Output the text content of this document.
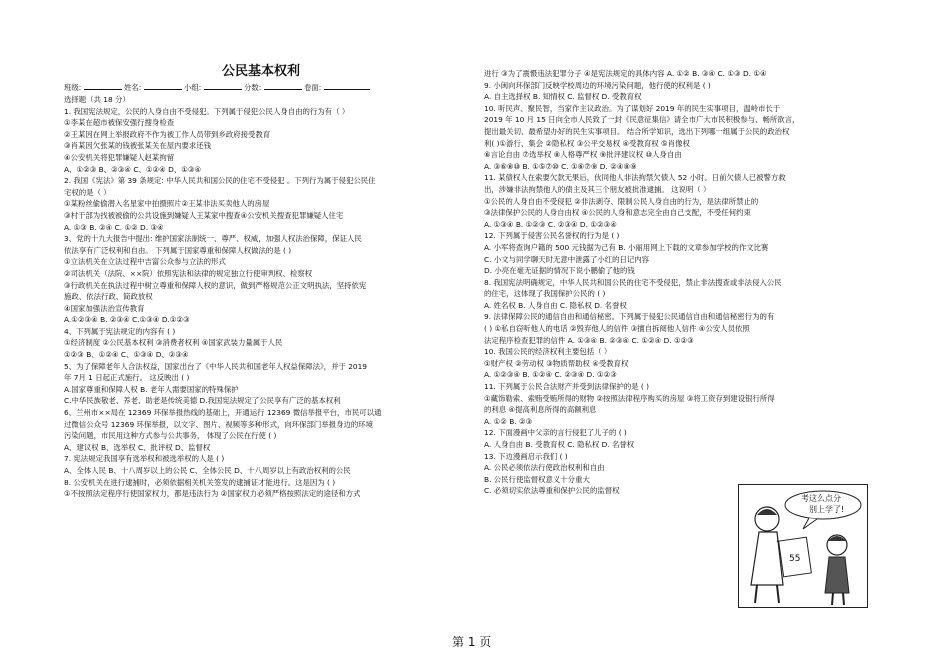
公民基本权利
班级:	姓名:	小组:	分数:	卷面:
选择题（共 18 分）
1. 我国宪法规定，公民的人身自由不受侵犯。下列属于侵犯公民人身自由的行为有（ ）
①李某在超市被保安强行搜身检查
②王某因在网上举报政府不作为被工作人员带到乡政府接受教育
③肖某因欠张某的钱被张某关在屋内要求还钱
④公安机关将犯罪嫌疑人赵某拘留
A、①②③ B、②③④ C、①②④ D、①③④
2. 我国《宪法》第 39 条规定: 中华人民共和国公民的住宅不受侵犯 。下列行为属于侵犯公民住
宅权的是（ ）
①某粉丝偷偷潜入名星家中拍摄照片②王某非法买卖他人的房屋
③村干部为找被被偷的公共设施到嫌疑人王某家中搜查④公安机关搜查犯罪嫌疑人住宅
A. ①③ B. ②④ C. ①② D. ③④
3、党的十九大报告中提出: 维护国家法制统一、尊严、权威，加强人权法治保障，保证人民
依法享有广泛权利和自由。 下列属于国家尊重和保障人权做法的是 ( )
①立法机关在立法过程中吉富公众参与立法的形式
②司法机关（法院、××院）依照宪法和法律的规定独立行使审判权、检察权
③行政机关在执法过程中树立尊重和保障人权的意识，做到严格规范公正文明执法，坚持依宪
施政、依法行政、简政放权
④国家加强法治宣传教育
A.①②③④ B. ②③④ C.①③④ D.①②③
4、下列属于宪法规定的内容有 ( )
①经济制度 ②公民基本权利 ③消费者权利 ④国家武装力量属于人民
①②③ B、①②④ C、①③④ D、②③④
5、为了保障老年人合法权益，国家出台了《中华人民共和国老年人权益保障法》，并于 2019
年 7月 1 日起正式施行。 这反映出 ( )
A.国家尊重和保障人权 B. 老年人需要国家的特殊保护
C.中华民族敬老、养老、助老是传统美德 D.我国宪法规定了公民享有广泛的基本权利
6、兰州市××局在 12369 环保举报热线的基础上，开通运行 12369 微信举报平台，市民可以通
过微信公众号 12369 环保举报，以文字、图片、视频等多种形式，向环保部门举报身边的环境
污染问题，市民用这种方式参与公共事务， 体现了公民在行使 ( )
A、建议权 B、选举权 C、批评权 D、监督权
7. 宪法规定我国享有选举权和被选举权的人是 ( )
A、全体人民 B、十八周岁以上的公民 C、全体公民 D、十八周岁以上有政治权利的公民
8. 公安机关在进行逮捕时，必须依据相关机关签发的逮捕证才能进行。这是因为 ( )
①不按照法定程序行使国家权力，都是违法行为 ②国家权力必须严格按照法定的途径和方式
进行 ③为了震慑违法犯罪分子 ④是宪法规定的具体内容 A. ①② B. ③④ C. ①③ D. ①④
9. 小闽向环保部门反映学校周边的环境污染问题，他行使的权利是 ( )
A. 自主选择权 B. 知情权 C. 监督权 D. 受教育权
10. 听民声、聚民智，当家作主议政治。为了谋划好 2019 年的民生实事项目，温岭市长于
2019 年 10 月 15 日向全市人民致了一封《民意征集信》请全市广大市民积极参与、畅所欲言，
提出最关切、最希望办好的民生实事项目。 结合所学知识，选出下列哪一组属于公民的政治权
利( )①游行、集会 ②隐私权 ③公平交易权 ④受教育权 ⑤肖像权
⑥言论自由 ⑦选举权 ⑧人格尊严权 ⑨批评建议权 ⑩人身自由
A. ③⑥⑧⑩ B. ①⑤⑦⑩ C. ①⑥⑦⑨ D. ②④⑧⑨
11. 某债权人在索要欠款无果后，伙同他人非法拘禁欠债人 52 小时。日前欠债人已被警方救
出，涉嫌非法拘禁他人的债主及其三个朋友被批准逮捕。 这说明（ ）
①公民的人身自由不受侵犯 ②非法剥夺、限制公民人身自由的行为，是法律所禁止的
③法律保护公民的人身自由权 ④公民的人身和意志完全由自己支配，不受任何约束
A. ①③④ B. ①②③ C. ②③④ D. ①②③④
12. 下列属于侵害公民名誉权的行为是 ( )
A. 小军将查询户籍的 500 元钱据为己有 B. 小丽用网上下载的文章参加学校的作文比赛
C. 小文与同学聊天时无意中泄露了小红的日记内容
D. 小亮在毫无证据的情况下说小鹏偷了他的钱
8. 我国宪法明确规定，中华人民共和国公民的住宅不受侵犯，禁止非法搜查或非法侵入公民
的住宅，这体现了我国保护公民的 ( )
A. 姓名权 B. 人身自由 C. 隐私权 D. 名誉权
9. 法律保障公民的通信自由和通信秘密。下列属于侵犯公民通信自由和通信秘密行为的有
( ) ①私自窃听他人的电话 ②毁弃他人的信件 ③擅自拆阅他人信件 ④公安人员依照
法定程序检查犯罪的信件 A. ①③④ B. ②③④ C. ①②④ D. ①②③
10. 我国公民的经济权利主要包括（ ）
①财产权 ②劳动权 ③物质帮助权 ④受教育权
A. ①②③④ B. ①②④ C. ②③④ D. ①②③
11. 下列属于公民合法财产并受到法律保护的是 ( )
①藏饰勒索、索贿受贿所得的财物 ②按照法律程序购买的房屋 ③将工资存到建设银行所得
的利息 ④提高利息所得的高额利息
A. ①② B. ②③
12. 下面漫画中父亲的言行侵犯了儿子的 ( )
A. 人身自由 B. 受教育权 C. 隐私权 D. 名誉权
13. 下边漫画启示我们 ( )
A. 公民必须依法行使政治权利和自由
B. 公民行使监督权意义十分重大
C. 必须切实依法尊重和保护公民的监督权
考这么点分
别上学了!
55
第 1 页
